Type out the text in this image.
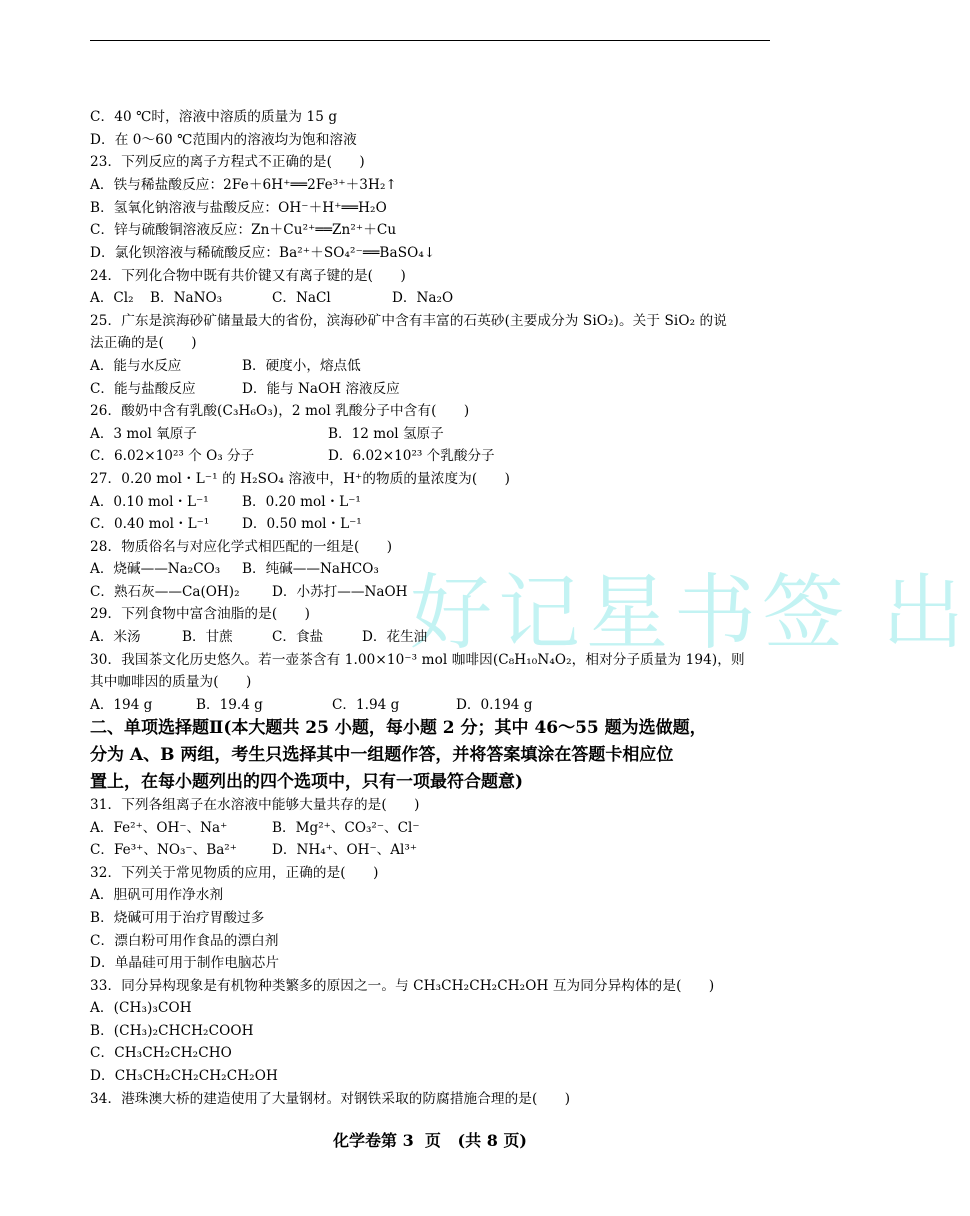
好记星书签 出
C．40 ℃时，溶液中溶质的质量为 15 g
D．在 0～60 ℃范围内的溶液均为饱和溶液
23．下列反应的离子方程式不正确的是(　　)
A．铁与稀盐酸反应：2Fe＋6H⁺══2Fe³⁺＋3H₂↑
B．氢氧化钠溶液与盐酸反应：OH⁻＋H⁺══H₂O
C．锌与硫酸铜溶液反应：Zn＋Cu²⁺══Zn²⁺＋Cu
D．氯化钡溶液与稀硫酸反应：Ba²⁺＋SO₄²⁻══BaSO₄↓
24．下列化合物中既有共价键又有离子键的是(　　)

A．Cl₂

B．NaNO₃

	C．NaCl

	D．Na₂O

25．广东是滨海砂矿储量最大的省份，滨海砂矿中含有丰富的石英砂(主要成分为 SiO₂)。关于 SiO₂ 的说
法正确的是(　　)

A．能与水反应

	B．硬度小，熔点低

C．能与盐酸反应

	D．能与 NaOH 溶液反应

26．酸奶中含有乳酸(C₃H₆O₃)，2 mol 乳酸分子中含有(　　)

A．3 mol 氧原子

	B．12 mol 氢原子

C．6.02×10²³ 个 O₃ 分子

	D．6.02×10²³ 个乳酸分子

27．0.20 mol・L⁻¹ 的 H₂SO₄ 溶液中，H⁺的物质的量浓度为(　　)

A．0.10 mol・L⁻¹

B．0.20 mol・L⁻¹

C．0.40 mol・L⁻¹

D．0.50 mol・L⁻¹

28．物质俗名与对应化学式相匹配的一组是(　　)

A．烧碱——Na₂CO₃

B．纯碱——NaHCO₃

C．熟石灰——Ca(OH)₂

D．小苏打——NaOH

29．下列食物中富含油脂的是(　　)

A．米汤

	B．甘蔗

	C．食盐

	D．花生油

30．我国茶文化历史悠久。若一壶茶含有 1.00×10⁻³ mol 咖啡因(C₈H₁₀N₄O₂，相对分子质量为 194)，则
其中咖啡因的质量为(　　)

A．194 g

	B．19.4 g

	C．1.94 g

	D．0.194 g

二、单项选择题Ⅱ(本大题共 25 小题，每小题 2 分；其中 46～55 题为选做题，
分为 A、B 两组，考生只选择其中一组题作答，并将答案填涂在答题卡相应位
置上，在每小题列出的四个选项中，只有一项最符合题意)
31．下列各组离子在水溶液中能够大量共存的是(　　)

A．Fe²⁺、OH⁻、Na⁺

	B．Mg²⁺、CO₃²⁻、Cl⁻

C．Fe³⁺、NO₃⁻、Ba²⁺

	D．NH₄⁺、OH⁻、Al³⁺

32．下列关于常见物质的应用，正确的是(　　)
A．胆矾可用作净水剂
B．烧碱可用于治疗胃酸过多
C．漂白粉可用作食品的漂白剂
D．单晶硅可用于制作电脑芯片
33．同分异构现象是有机物种类繁多的原因之一。与 CH₃CH₂CH₂CH₂OH 互为同分异构体的是(　　)
A．(CH₃)₃COH
B．(CH₃)₂CHCH₂COOH
C．CH₃CH₂CH₂CHO
D．CH₃CH₂CH₂CH₂CH₂OH
34．港珠澳大桥的建造使用了大量钢材。对钢铁采取的防腐措施合理的是(　　)
化学卷第 3  页   (共 8 页)
